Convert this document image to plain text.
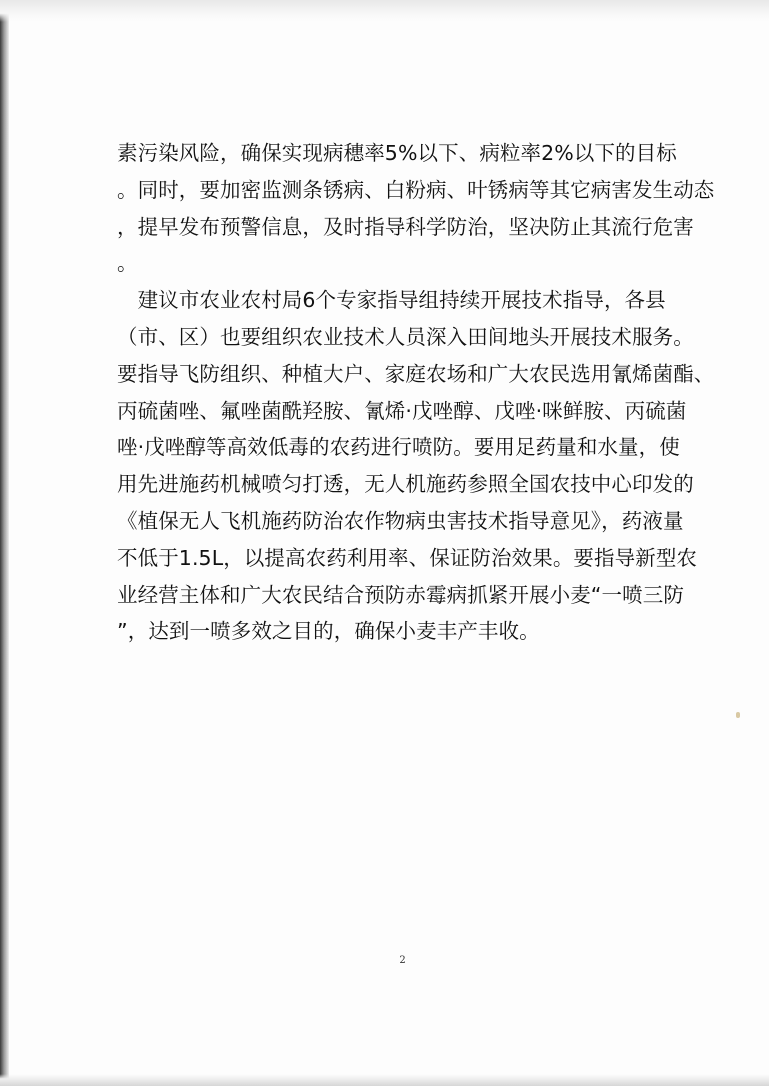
素污染风险，确保实现病穗率5%以下、病粒率2%以下的目标
。同时，要加密监测条锈病、白粉病、叶锈病等其它病害发生动态
，提早发布预警信息，及时指导科学防治，坚决防止其流行危害
。
　建议市农业农村局6个专家指导组持续开展技术指导，各县
（市、区）也要组织农业技术人员深入田间地头开展技术服务。
要指导飞防组织、种植大户、家庭农场和广大农民选用氰烯菌酯、
丙硫菌唑、氟唑菌酰羟胺、氰烯·戊唑醇、戊唑·咪鲜胺、丙硫菌
唑·戊唑醇等高效低毒的农药进行喷防。要用足药量和水量，使
用先进施药机械喷匀打透，无人机施药参照全国农技中心印发的
《植保无人飞机施药防治农作物病虫害技术指导意见》，药液量
不低于1.5L，以提高农药利用率、保证防治效果。要指导新型农
业经营主体和广大农民结合预防赤霉病抓紧开展小麦“一喷三防
”，达到一喷多效之目的，确保小麦丰产丰收。
2
